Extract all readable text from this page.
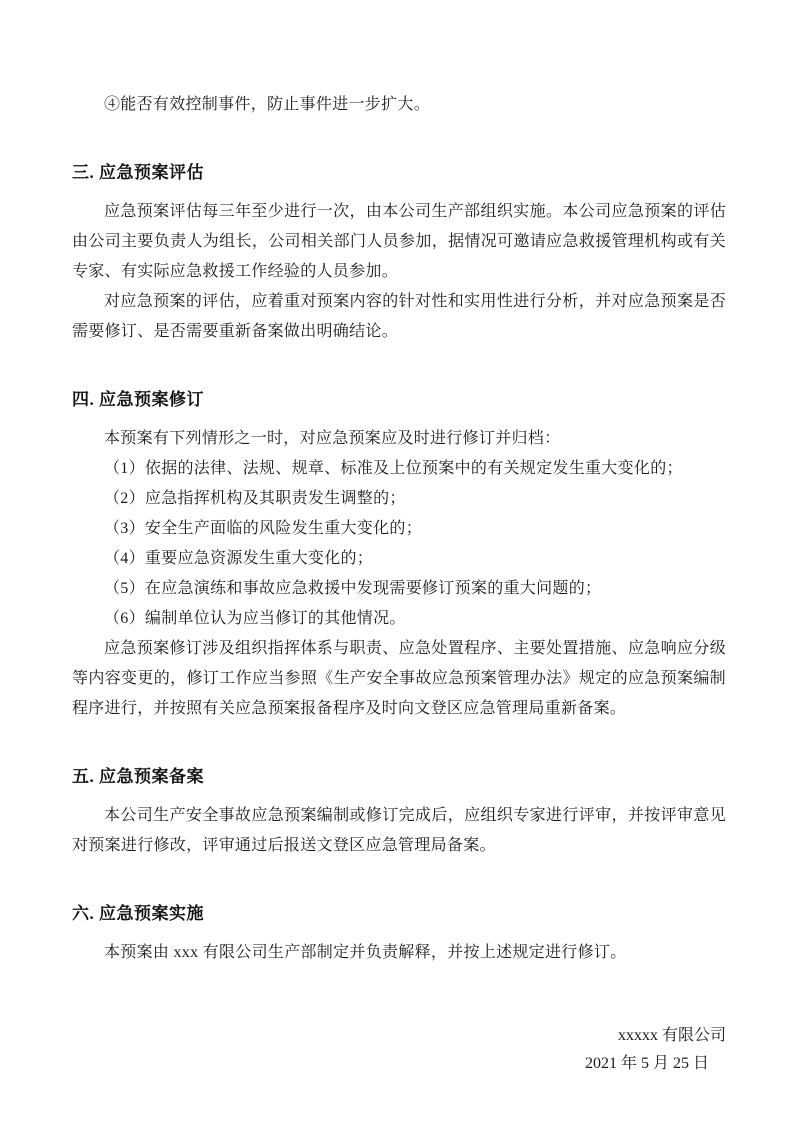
④能否有效控制事件，防止事件进一步扩大。

三. 应急预案评估

应急预案评估每三年至少进行一次，由本公司生产部组织实施。本公司应急预案的评估由公司主要负责人为组长，公司相关部门人员参加，据情况可邀请应急救援管理机构或有关专家、有实际应急救援工作经验的人员参加。

对应急预案的评估，应着重对预案内容的针对性和实用性进行分析，并对应急预案是否需要修订、是否需要重新备案做出明确结论。

四. 应急预案修订

本预案有下列情形之一时，对应急预案应及时进行修订并归档：

（1）依据的法律、法规、规章、标准及上位预案中的有关规定发生重大变化的；

（2）应急指挥机构及其职责发生调整的；

（3）安全生产面临的风险发生重大变化的；

（4）重要应急资源发生重大变化的；

（5）在应急演练和事故应急救援中发现需要修订预案的重大问题的；

（6）编制单位认为应当修订的其他情况。

应急预案修订涉及组织指挥体系与职责、应急处置程序、主要处置措施、应急响应分级等内容变更的，修订工作应当参照《生产安全事故应急预案管理办法》规定的应急预案编制程序进行，并按照有关应急预案报备程序及时向文登区应急管理局重新备案。

五. 应急预案备案

本公司生产安全事故应急预案编制或修订完成后，应组织专家进行评审，并按评审意见对预案进行修改，评审通过后报送文登区应急管理局备案。

六. 应急预案实施

本预案由 xxx 有限公司生产部制定并负责解释，并按上述规定进行修订。

xxxxx 有限公司

2021 年 5 月 25 日
